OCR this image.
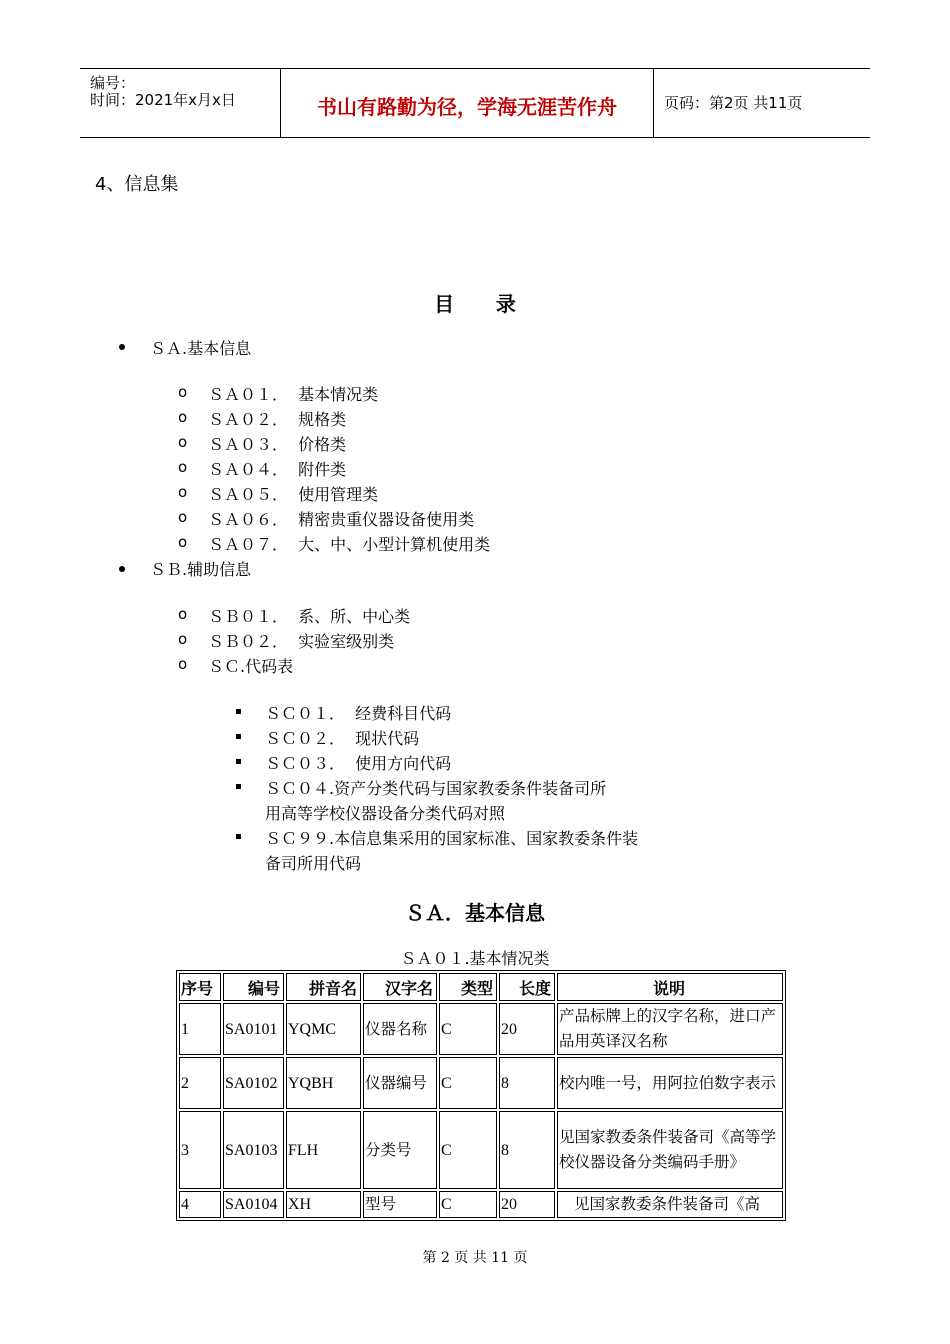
编号：
时间：2021年x月x日	书山有路勤为径，学海无涯苦作舟	页码：第2页 共11页
4、信息集
目      录
ＳＡ.基本信息
o ＳＡ０１．  基本情况类
o ＳＡ０２．  规格类
o ＳＡ０３．  价格类
o ＳＡ０４．  附件类
o ＳＡ０５．  使用管理类
o ＳＡ０６．  精密贵重仪器设备使用类
o ＳＡ０７．  大、中、小型计算机使用类
ＳＢ.辅助信息
o ＳＢ０１．  系、所、中心类
o ＳＢ０２．  实验室级别类
o ＳＣ.代码表
ＳＣ０１．  经费科目代码
ＳＣ０２．  现状代码
ＳＣ０３．  使用方向代码
ＳＣ０４.资产分类代码与国家教委条件装备司所
用高等学校仪器设备分类代码对照
ＳＣ９９.本信息集采用的国家标准、国家教委条件装
备司所用代码
ＳＡ．基本信息
ＳＡ０１.基本情况类
序号	编号	拼音名	汉字名	类型	长度	说明
1	SA0101	YQMC	仪器名称	C	20	产品标牌上的汉字名称，进口产品用英译汉名称
2	SA0102	YQBH	仪器编号	C	8	校内唯一号，用阿拉伯数字表示
3	SA0103	FLH	分类号	C	8	见国家教委条件装备司《高等学校仪器设备分类编码手册》
4	SA0104	XH	型号	C	20	见国家教委条件装备司《高
第 2 页 共 11 页
